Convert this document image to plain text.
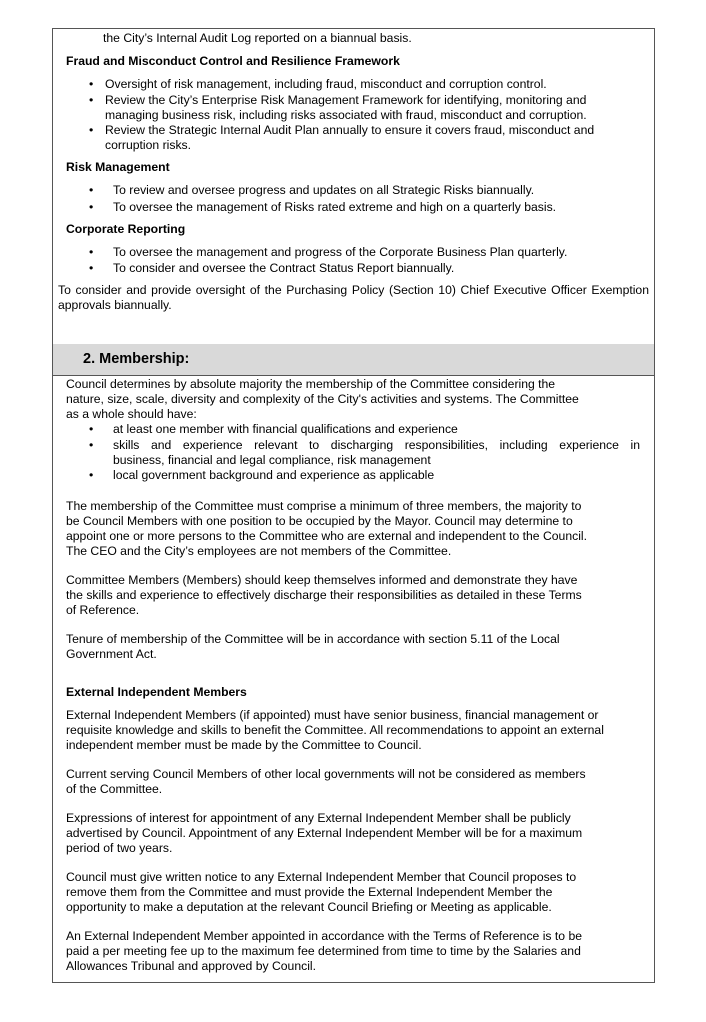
the City’s Internal Audit Log reported on a biannual basis.
Fraud and Misconduct Control and Resilience Framework
• Oversight of risk management, including fraud, misconduct and corruption control.
• Review the City’s Enterprise Risk Management Framework for identifying, monitoring and
managing business risk, including risks associated with fraud, misconduct and corruption.
• Review the Strategic Internal Audit Plan annually to ensure it covers fraud, misconduct and
corruption risks.
Risk Management
•	To review and oversee progress and updates on all Strategic Risks biannually.
•	To oversee the management of Risks rated extreme and high on a quarterly basis.
Corporate Reporting
•	To oversee the management and progress of the Corporate Business Plan quarterly.
•	To consider and oversee the Contract Status Report biannually.
To consider and provide oversight of the Purchasing Policy (Section 10) Chief Executive Officer Exemption approvals biannually.
2. Membership:
Council determines by absolute majority the membership of the Committee considering the
nature, size, scale, diversity and complexity of the City's activities and systems. The Committee
as a whole should have:
•	at least one member with financial qualifications and experience
•	skills and experience relevant to discharging responsibilities, including experience in
business, financial and legal compliance, risk management
•	local government background and experience as applicable
The membership of the Committee must comprise a minimum of three members, the majority to
be Council Members with one position to be occupied by the Mayor. Council may determine to
appoint one or more persons to the Committee who are external and independent to the Council.
The CEO and the City’s employees are not members of the Committee.
Committee Members (Members) should keep themselves informed and demonstrate they have
the skills and experience to effectively discharge their responsibilities as detailed in these Terms
of Reference.
Tenure of membership of the Committee will be in accordance with section 5.11 of the Local
Government Act.
External Independent Members
External Independent Members (if appointed) must have senior business, financial management or
requisite knowledge and skills to benefit the Committee. All recommendations to appoint an external
independent member must be made by the Committee to Council.
Current serving Council Members of other local governments will not be considered as members
of the Committee.
Expressions of interest for appointment of any External Independent Member shall be publicly
advertised by Council. Appointment of any External Independent Member will be for a maximum
period of two years.
Council must give written notice to any External Independent Member that Council proposes to
remove them from the Committee and must provide the External Independent Member the
opportunity to make a deputation at the relevant Council Briefing or Meeting as applicable.
An External Independent Member appointed in accordance with the Terms of Reference is to be
paid a per meeting fee up to the maximum fee determined from time to time by the Salaries and
Allowances Tribunal and approved by Council.
